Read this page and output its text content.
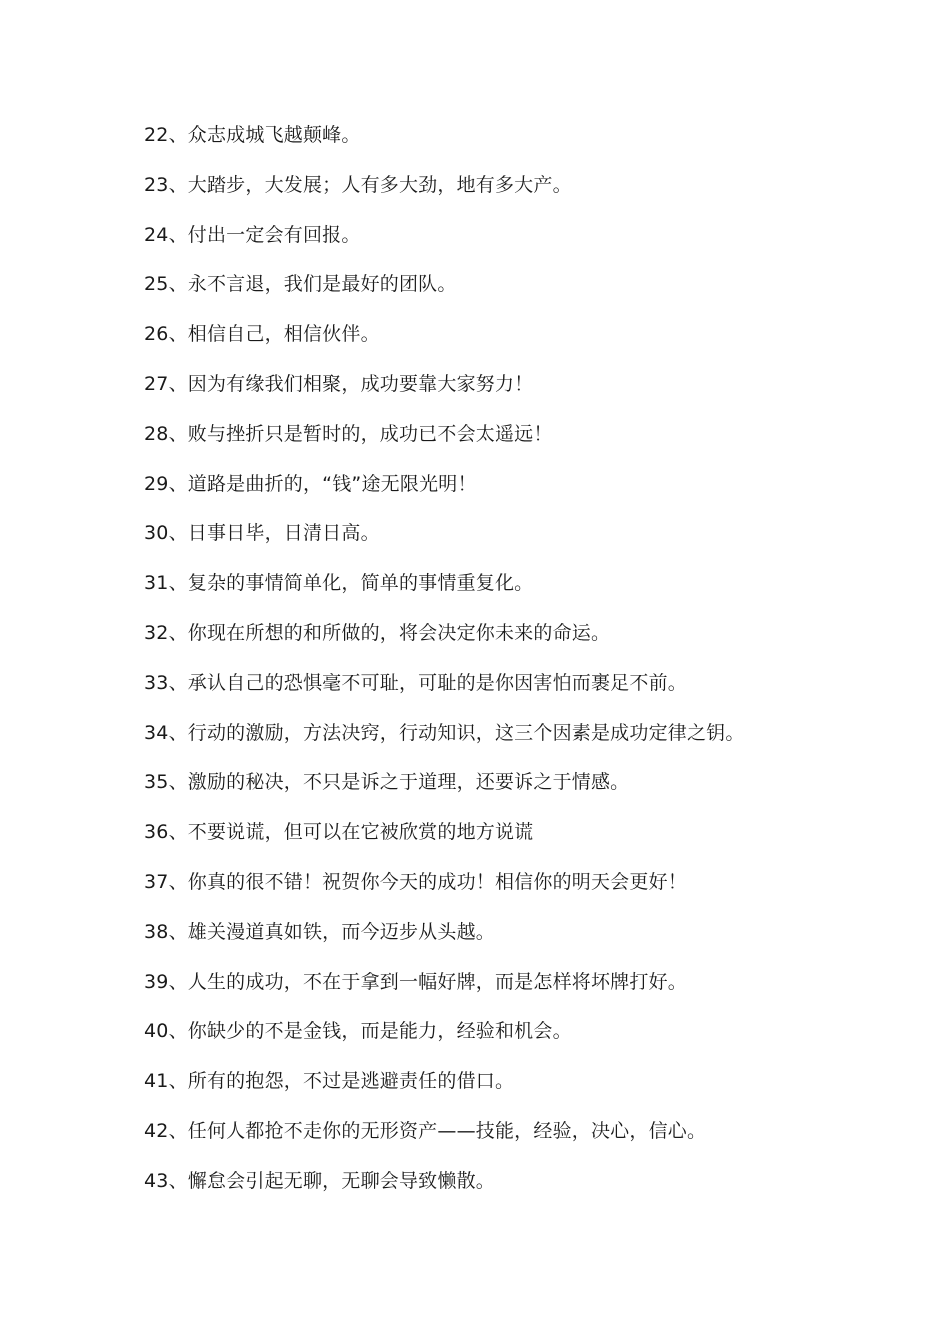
22、众志成城飞越颠峰。
23、大踏步，大发展；人有多大劲，地有多大产。
24、付出一定会有回报。
25、永不言退，我们是最好的团队。
26、相信自己，相信伙伴。
27、因为有缘我们相聚，成功要靠大家努力！
28、败与挫折只是暂时的，成功已不会太遥远！
29、道路是曲折的，“钱”途无限光明！
30、日事日毕，日清日高。
31、复杂的事情简单化，简单的事情重复化。
32、你现在所想的和所做的，将会决定你未来的命运。
33、承认自己的恐惧毫不可耻，可耻的是你因害怕而裹足不前。
34、行动的激励，方法决窍，行动知识，这三个因素是成功定律之钥。
35、激励的秘决，不只是诉之于道理，还要诉之于情感。
36、不要说谎，但可以在它被欣赏的地方说谎
37、你真的很不错！祝贺你今天的成功！相信你的明天会更好！
38、雄关漫道真如铁，而今迈步从头越。
39、人生的成功，不在于拿到一幅好牌，而是怎样将坏牌打好。
40、你缺少的不是金钱，而是能力，经验和机会。
41、所有的抱怨，不过是逃避责任的借口。
42、任何人都抢不走你的无形资产——技能，经验，决心，信心。
43、懈怠会引起无聊，无聊会导致懒散。
